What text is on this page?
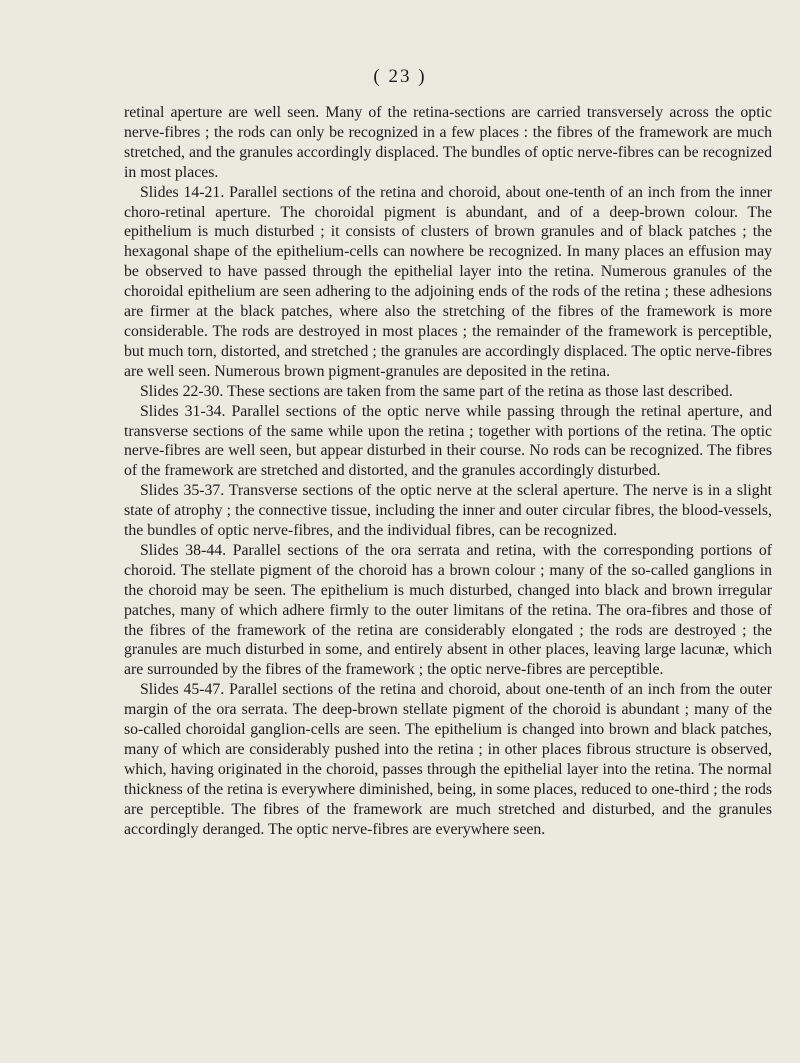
( 23 )

retinal aperture are well seen. Many of the retina-sections are carried transversely across the optic nerve-fibres ; the rods can only be recognized in a few places : the fibres of the framework are much stretched, and the granules accordingly displaced. The bundles of optic nerve-fibres can be recognized in most places.

Slides 14-21. Parallel sections of the retina and choroid, about one-tenth of an inch from the inner choro-retinal aperture. The choroidal pigment is abundant, and of a deep-brown colour. The epithelium is much disturbed ; it consists of clusters of brown granules and of black patches ; the hexagonal shape of the epithelium-cells can nowhere be recognized. In many places an effusion may be observed to have passed through the epithelial layer into the retina. Numerous granules of the choroidal epithelium are seen adhering to the adjoining ends of the rods of the retina ; these adhesions are firmer at the black patches, where also the stretching of the fibres of the framework is more considerable. The rods are destroyed in most places ; the remainder of the framework is perceptible, but much torn, distorted, and stretched ; the granules are accordingly displaced. The optic nerve-fibres are well seen. Numerous brown pigment-granules are deposited in the retina.

Slides 22-30. These sections are taken from the same part of the retina as those last described.

Slides 31-34. Parallel sections of the optic nerve while passing through the retinal aperture, and transverse sections of the same while upon the retina ; together with portions of the retina. The optic nerve-fibres are well seen, but appear disturbed in their course. No rods can be recognized. The fibres of the framework are stretched and distorted, and the granules accordingly disturbed.

Slides 35-37. Transverse sections of the optic nerve at the scleral aperture. The nerve is in a slight state of atrophy ; the connective tissue, including the inner and outer circular fibres, the blood-vessels, the bundles of optic nerve-fibres, and the individual fibres, can be recognized.

Slides 38-44. Parallel sections of the ora serrata and retina, with the corresponding portions of choroid. The stellate pigment of the choroid has a brown colour ; many of the so-called ganglions in the choroid may be seen. The epithelium is much disturbed, changed into black and brown irregular patches, many of which adhere firmly to the outer limitans of the retina. The ora-fibres and those of the fibres of the framework of the retina are considerably elongated ; the rods are destroyed ; the granules are much disturbed in some, and entirely absent in other places, leaving large lacunæ, which are surrounded by the fibres of the framework ; the optic nerve-fibres are perceptible.

Slides 45-47. Parallel sections of the retina and choroid, about one-tenth of an inch from the outer margin of the ora serrata. The deep-brown stellate pigment of the choroid is abundant ; many of the so-called choroidal ganglion-cells are seen. The epithelium is changed into brown and black patches, many of which are considerably pushed into the retina ; in other places fibrous structure is observed, which, having originated in the choroid, passes through the epithelial layer into the retina. The normal thickness of the retina is everywhere diminished, being, in some places, reduced to one-third ; the rods are perceptible. The fibres of the framework are much stretched and disturbed, and the granules accordingly deranged. The optic nerve-fibres are everywhere seen.
